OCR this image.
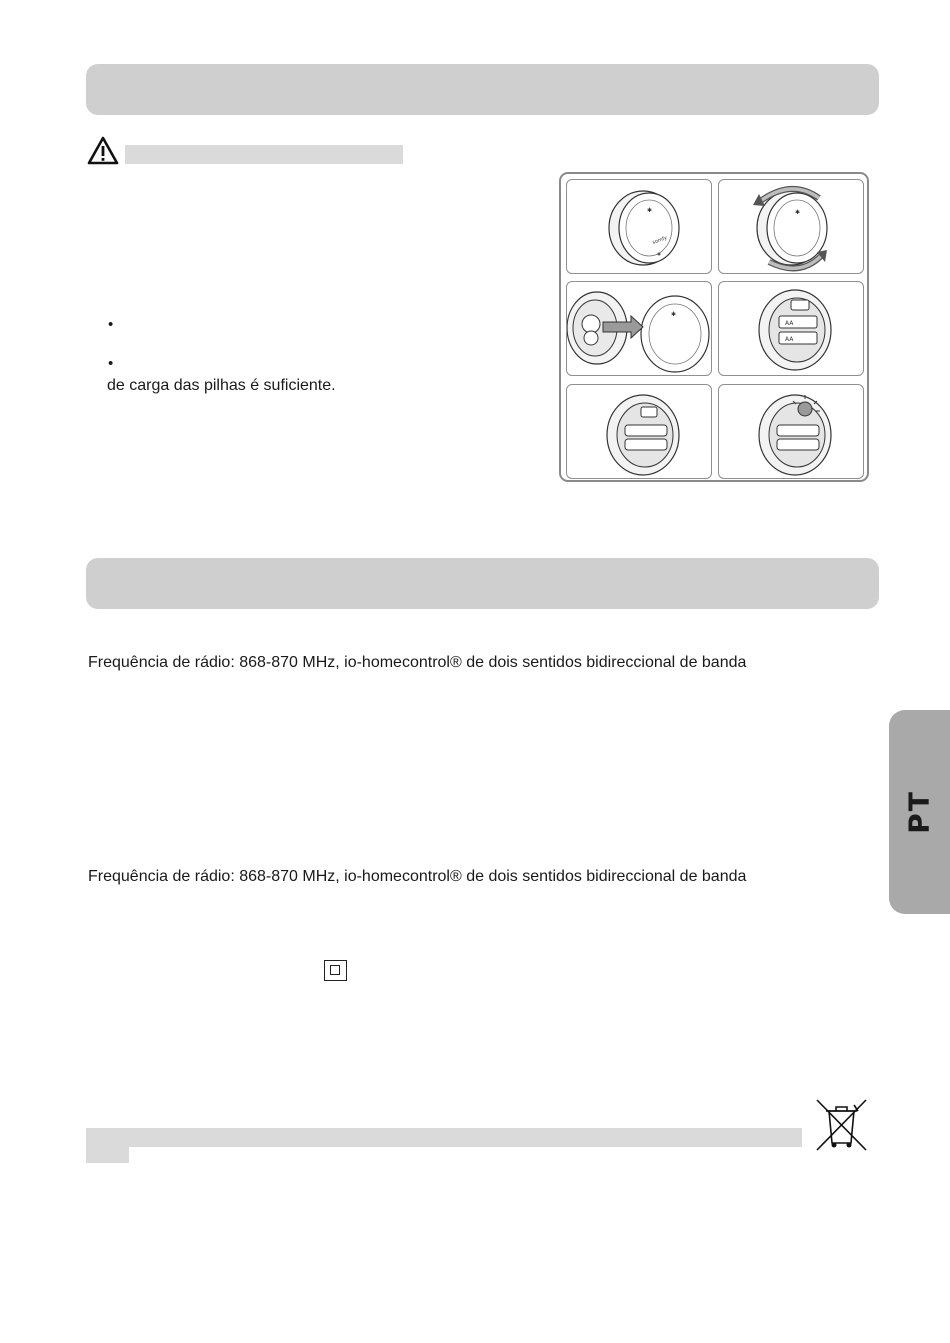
•
•
de carga das pilhas é suficiente.
✱
somfy
✱
✱
AA
AA
Frequência de rádio: 868-870 MHz, io-homecontrol® de dois sentidos bidireccional de banda
Frequência de rádio: 868-870 MHz, io-homecontrol® de dois sentidos bidireccional de banda
PT
